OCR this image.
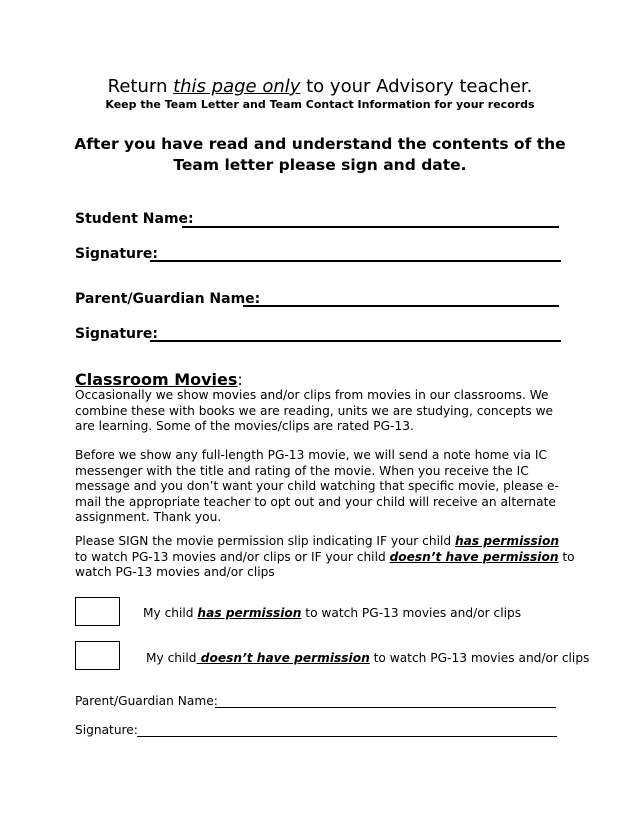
Return this page only to your Advisory teacher.
Keep the Team Letter and Team Contact Information for your records
After you have read and understand the contents of the Team letter please sign and date.
Student Name:
Signature:
Parent/Guardian Name:
Signature:
Classroom Movies:
Occasionally we show movies and/or clips from movies in our classrooms. We combine these with books we are reading, units we are studying, concepts we are learning. Some of the movies/clips are rated PG-13.
Before we show any full-length PG-13 movie, we will send a note home via IC messenger with the title and rating of the movie. When you receive the IC message and you don’t want your child watching that specific movie, please e-mail the appropriate teacher to opt out and your child will receive an alternate assignment. Thank you.
Please SIGN the movie permission slip indicating IF your child has permission to watch PG-13 movies and/or clips or IF your child doesn’t have permission to watch PG-13 movies and/or clips
My child has permission to watch PG-13 movies and/or clips
My child doesn’t have permission to watch PG-13 movies and/or clips
Parent/Guardian Name:
Signature:
